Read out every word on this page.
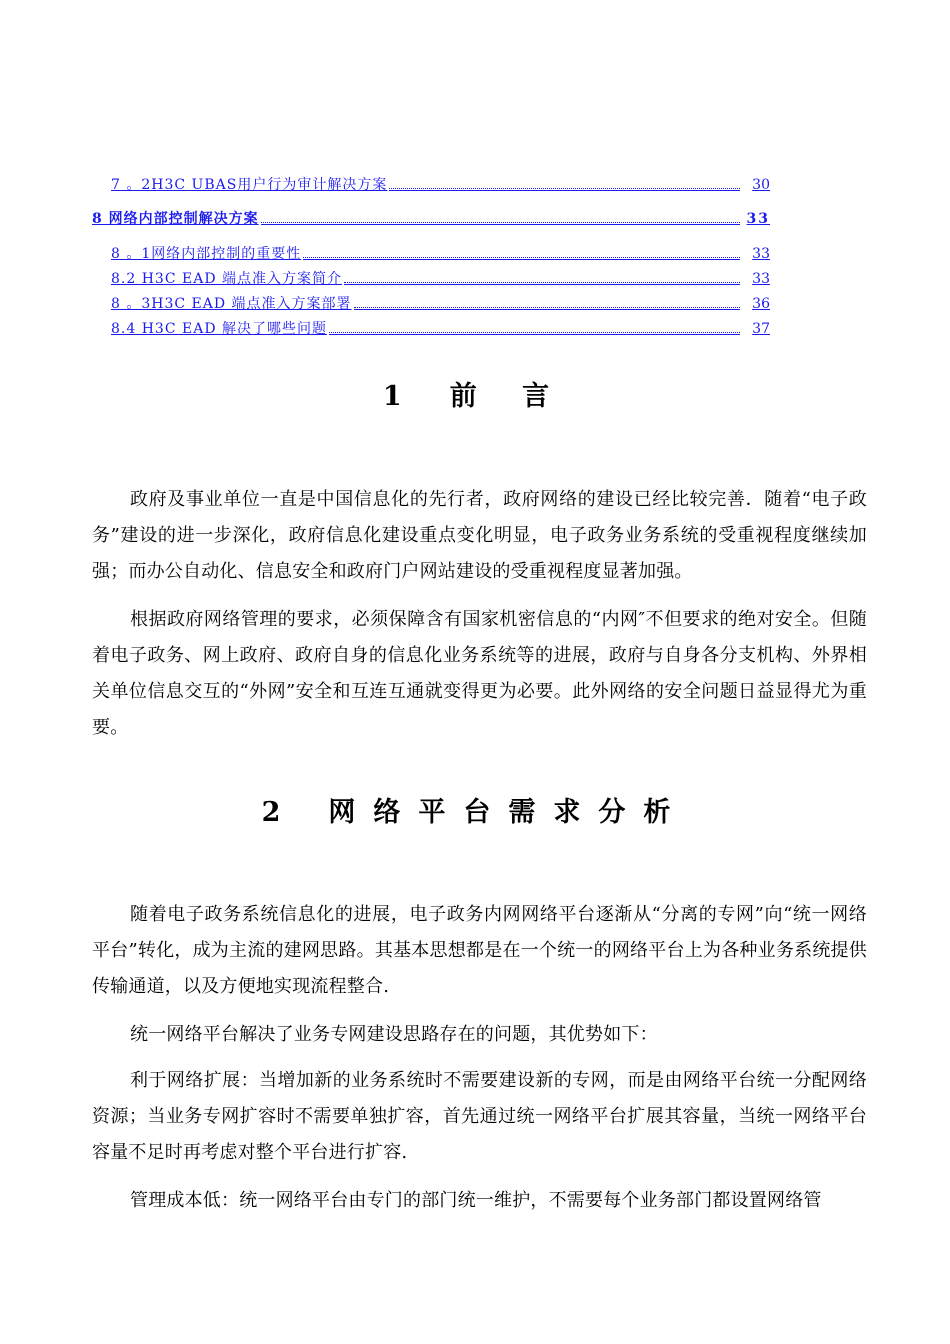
7 。2H3C UBAS用户行为审计解决方案	30
8 网络内部控制解决方案	33
8 。1网络内部控制的重要性	33
8.2 H3C EAD 端点准入方案简介	33
8 。3H3C EAD 端点准入方案部署	36
8.4 H3C EAD 解决了哪些问题	37
1 前 言

政府及事业单位一直是中国信息化的先行者，政府网络的建设已经比较完善．随着“电子政务”建设的进一步深化，政府信息化建设重点变化明显，电子政务业务系统的受重视程度继续加强；而办公自动化、信息安全和政府门户网站建设的受重视程度显著加强。

根据政府网络管理的要求，必须保障含有国家机密信息的“内网″不但要求的绝对安全。但随着电子政务、网上政府、政府自身的信息化业务系统等的进展，政府与自身各分支机构、外界相关单位信息交互的“外网”安全和互连互通就变得更为必要。此外网络的安全问题日益显得尤为重要。

2 网络平台需求分析

随着电子政务系统信息化的进展，电子政务内网网络平台逐渐从“分离的专网”向“统一网络平台”转化，成为主流的建网思路。其基本思想都是在一个统一的网络平台上为各种业务系统提供传输通道，以及方便地实现流程整合.

统一网络平台解决了业务专网建设思路存在的问题，其优势如下：

利于网络扩展：当增加新的业务系统时不需要建设新的专网，而是由网络平台统一分配网络资源；当业务专网扩容时不需要单独扩容，首先通过统一网络平台扩展其容量，当统一网络平台容量不足时再考虑对整个平台进行扩容.

管理成本低：统一网络平台由专门的部门统一维护，不需要每个业务部门都设置网络管
